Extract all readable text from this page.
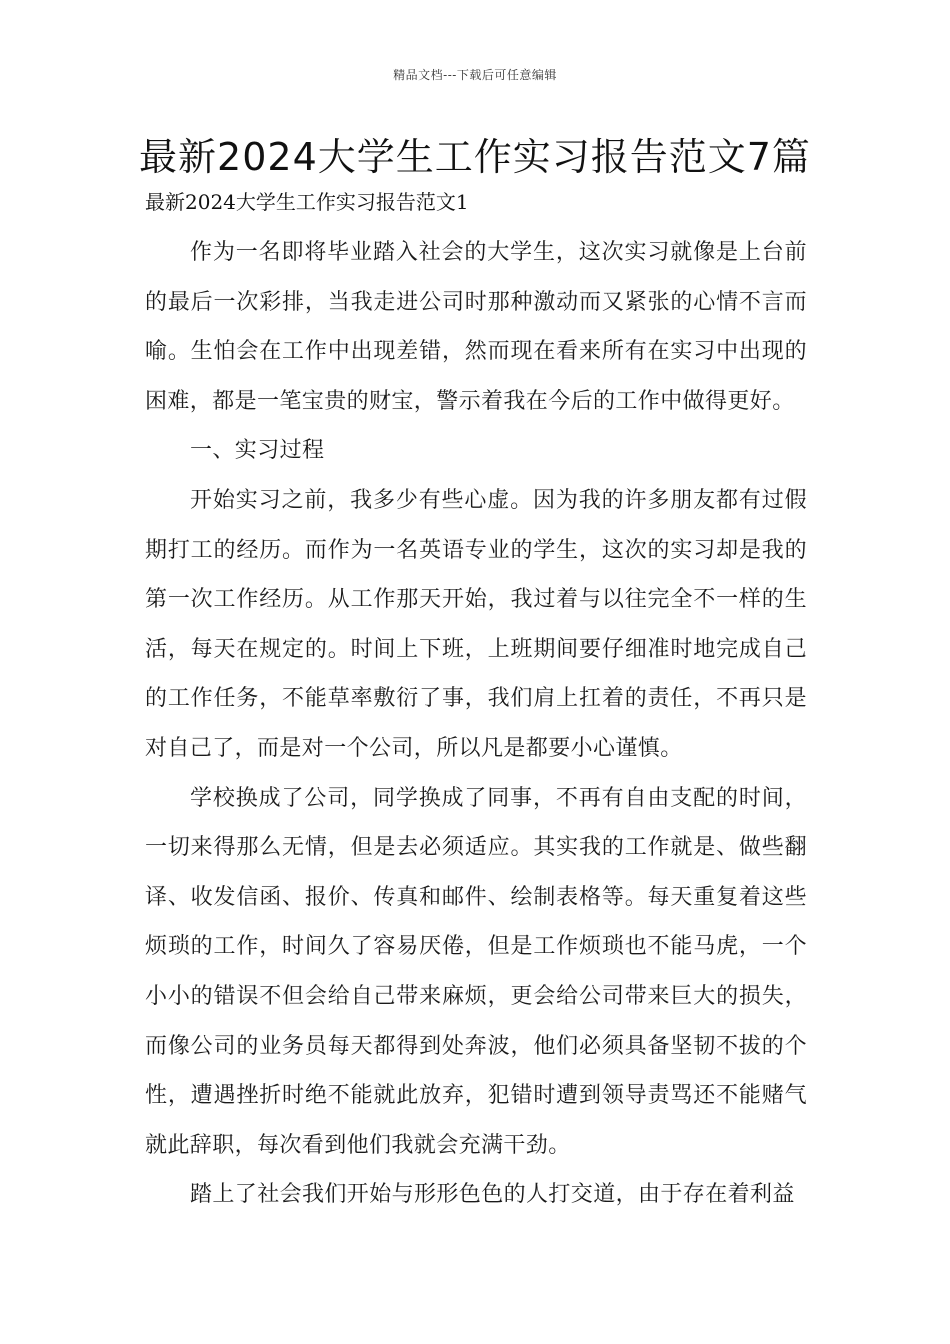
精品文档---下载后可任意编辑
最新2024大学生工作实习报告范文7篇
最新2024大学生工作实习报告范文1

作为一名即将毕业踏入社会的大学生，这次实习就像是上台前的最后一次彩排，当我走进公司时那种激动而又紧张的心情不言而喻。生怕会在工作中出现差错，然而现在看来所有在实习中出现的困难，都是一笔宝贵的财宝，警示着我在今后的工作中做得更好。

一、实习过程

开始实习之前，我多少有些心虚。因为我的许多朋友都有过假期打工的经历。而作为一名英语专业的学生，这次的实习却是我的第一次工作经历。从工作那天开始，我过着与以往完全不一样的生活，每天在规定的。时间上下班，上班期间要仔细准时地完成自己的工作任务，不能草率敷衍了事，我们肩上扛着的责任，不再只是对自己了，而是对一个公司，所以凡是都要小心谨慎。

学校换成了公司，同学换成了同事，不再有自由支配的时间，一切来得那么无情，但是去必须适应。其实我的工作就是、做些翻译、收发信函、报价、传真和邮件、绘制表格等。每天重复着这些烦琐的工作，时间久了容易厌倦，但是工作烦琐也不能马虎，一个小小的错误不但会给自己带来麻烦，更会给公司带来巨大的损失，而像公司的业务员每天都得到处奔波，他们必须具备坚韧不拔的个性，遭遇挫折时绝不能就此放弃，犯错时遭到领导责骂还不能赌气就此辞职，每次看到他们我就会充满干劲。

踏上了社会我们开始与形形色色的人打交道，由于存在着利益
